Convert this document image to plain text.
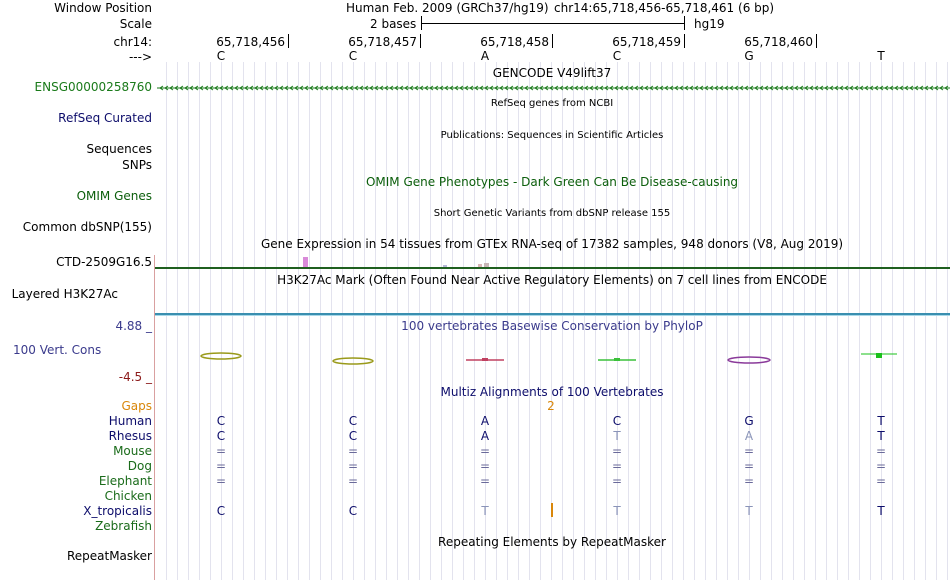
Window Position
Scale
chr14:
--->
Human Feb. 2009 (GRCh37/hg19) chr14:65,718,456-65,718,461 (6 bp)
2 bases	hg19
65,718,456	65,718,457	65,718,458	65,718,459	65,718,460
C	C	A	C	G	T
GENCODE V49lift37
ENSG00000258760
RefSeq genes from NCBI
RefSeq Curated
Publications: Sequences in Scientific Articles
Sequences
SNPs
OMIM Gene Phenotypes - Dark Green Can Be Disease-causing
OMIM Genes
Short Genetic Variants from dbSNP release 155
Common dbSNP(155)
Gene Expression in 54 tissues from GTEx RNA-seq of 17382 samples, 948 donors (V8, Aug 2019)
CTD-2509G16.5
H3K27Ac Mark (Often Found Near Active Regulatory Elements) on 7 cell lines from ENCODE
Layered H3K27Ac
4.88 _	100 vertebrates Basewise Conservation by PhyloP
100 Vert. Cons
-4.5 _
Multiz Alignments of 100 Vertebrates
Gaps	2
Human	C	C	A	C	G	T
Rhesus	C	C	A	T	A	T
Mouse	=	=	=	=	=	=
Dog	=	=	=	=	=	=
Elephant	=	=	=	=	=	=
Chicken
X_tropicalis	C	C	T	T	T	T
Zebrafish
Repeating Elements by RepeatMasker
RepeatMasker
